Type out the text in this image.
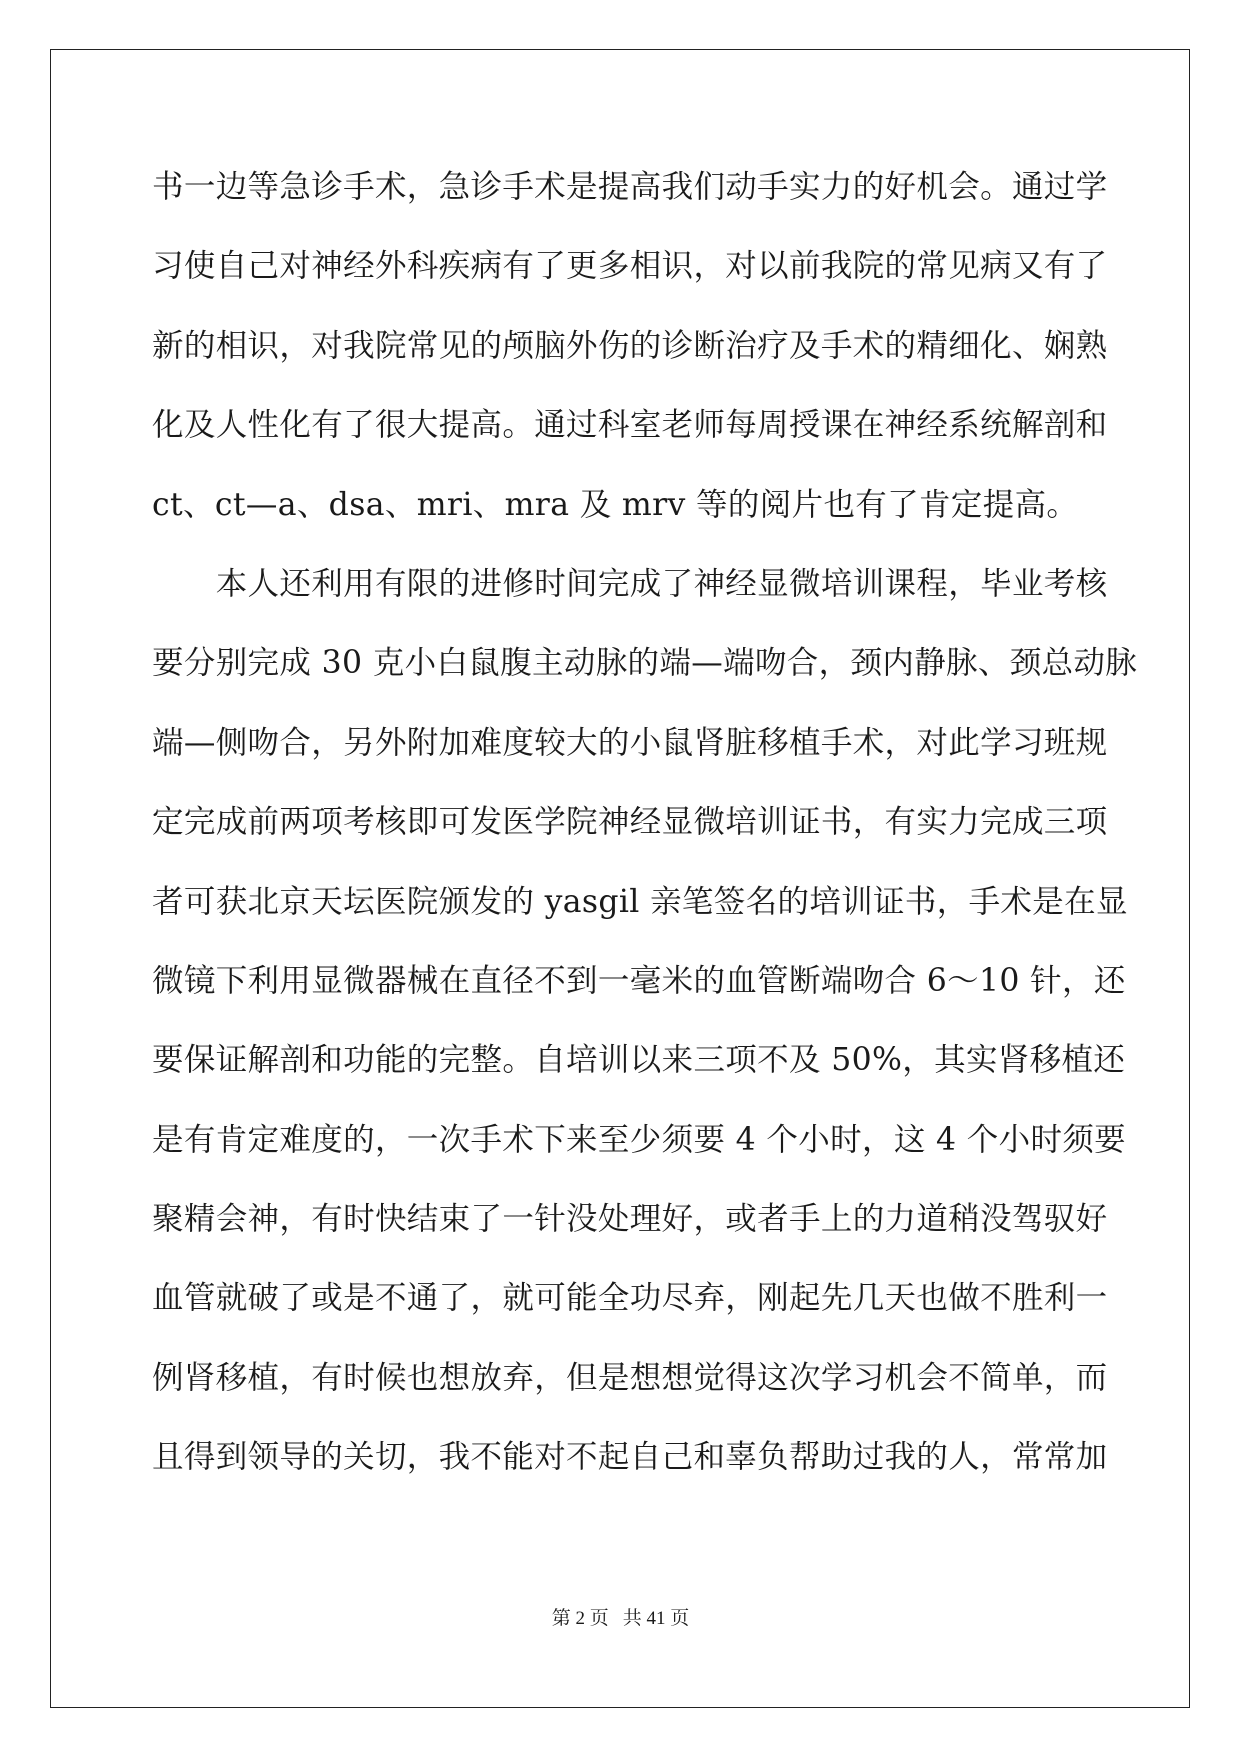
书一边等急诊手术，急诊手术是提高我们动手实力的好机会。通过学
习使自己对神经外科疾病有了更多相识，对以前我院的常见病又有了
新的相识，对我院常见的颅脑外伤的诊断治疗及手术的精细化、娴熟
化及人性化有了很大提高。通过科室老师每周授课在神经系统解剖和
ct、ct—a、dsa、mri、mra 及 mrv 等的阅片也有了肯定提高。
　　本人还利用有限的进修时间完成了神经显微培训课程，毕业考核
要分别完成 30 克小白鼠腹主动脉的端—端吻合，颈内静脉、颈总动脉
端—侧吻合，另外附加难度较大的小鼠肾脏移植手术，对此学习班规
定完成前两项考核即可发医学院神经显微培训证书，有实力完成三项
者可获北京天坛医院颁发的 yasgil 亲笔签名的培训证书，手术是在显
微镜下利用显微器械在直径不到一毫米的血管断端吻合 6～10 针，还
要保证解剖和功能的完整。自培训以来三项不及 50%，其实肾移植还
是有肯定难度的，一次手术下来至少须要 4 个小时，这 4 个小时须要
聚精会神，有时快结束了一针没处理好，或者手上的力道稍没驾驭好
血管就破了或是不通了，就可能全功尽弃，刚起先几天也做不胜利一
例肾移植，有时候也想放弃，但是想想觉得这次学习机会不简单，而
且得到领导的关切，我不能对不起自己和辜负帮助过我的人，常常加
第 2 页 共 41 页
